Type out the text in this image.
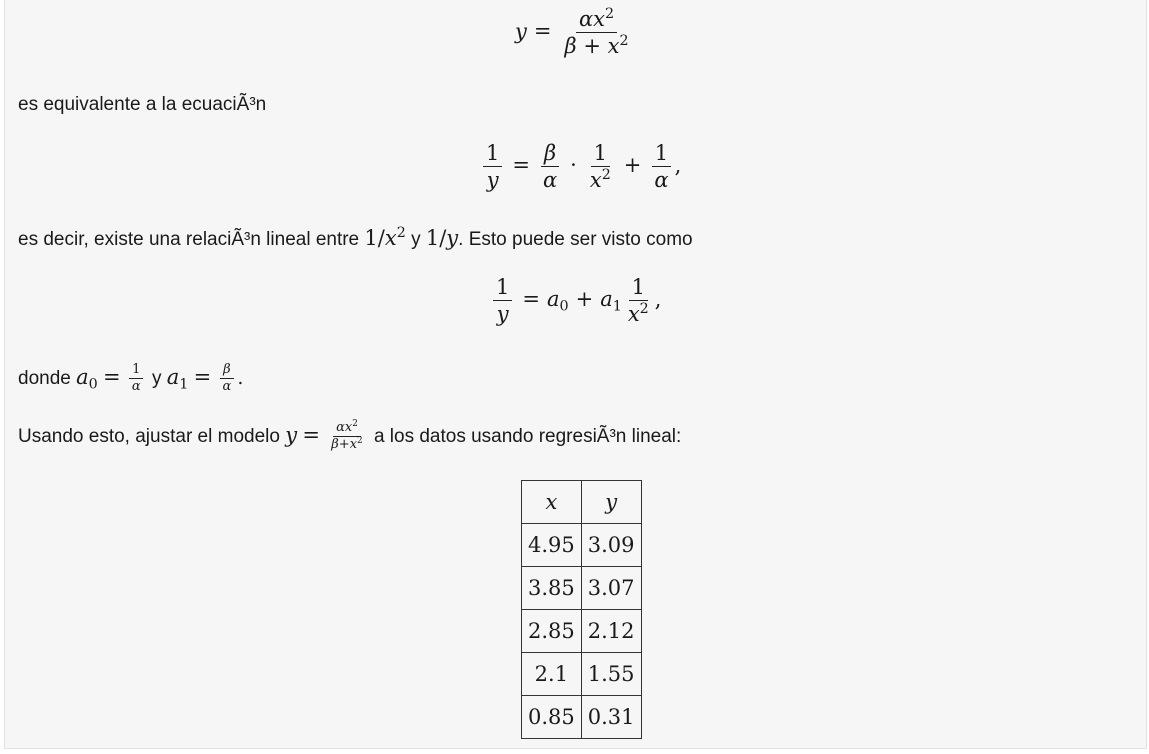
$y = \frac{\alpha x^2}{\beta + x^2}$
es equivalente a la ecuaciÃ³n
$\frac{1}{y} = \frac{\beta}{\alpha} \cdot \frac{1}{x^2} + \frac{1}{\alpha}$ ,
es decir, existe una relaciÃ³n lineal entre $1/x^2$ y 1/y. Esto puede ser visto como
$\frac{1}{y} = a_0 + a_1 \frac{1}{x^2}$ ,
donde $a_0 = \frac{1}{\alpha}$ y $a_1 = \frac{\beta}{\alpha}$ .
Usando esto, ajustar el modelo $y = \frac{\alpha x^2}{\beta+x^2}$ a los datos usando regresiÃ³n lineal:
x	y
4.95	3.09
3.85	3.07
2.85	2.12
2.1	1.55
0.85	0.31
